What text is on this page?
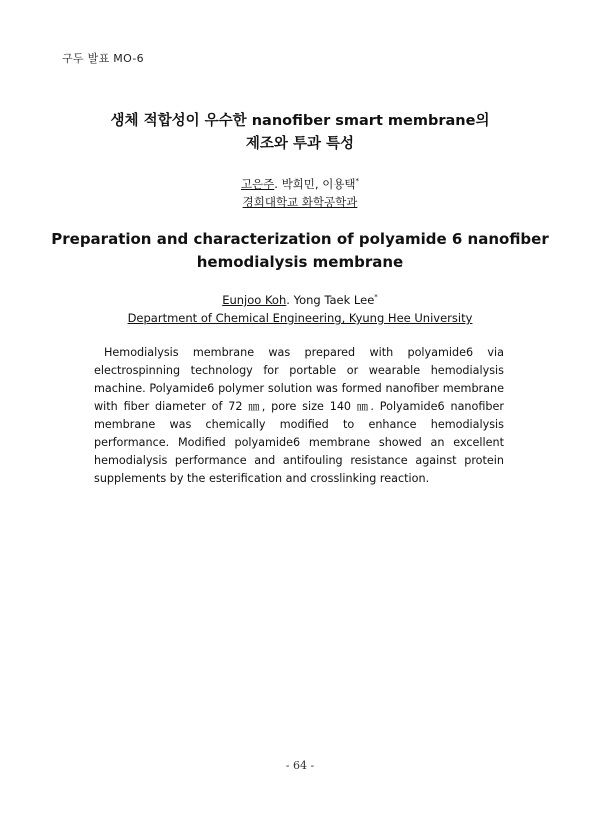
구두 발표 MO-6
생체 적합성이 우수한 nanofiber smart membrane의
제조와 투과 특성
고은주. 박희민, 이용택*
경희대학교 화학공학과
Preparation and characterization of polyamide 6 nanofiber
hemodialysis membrane
Eunjoo Koh. Yong Taek Lee*
Department of Chemical Engineering, Kyung Hee University
Hemodialysis membrane was prepared with polyamide6 via electrospinning technology for portable or wearable hemodialysis machine. Polyamide6 polymer solution was formed nanofiber membrane with fiber diameter of 72 ㎚, pore size 140 ㎚. Polyamide6 nanofiber membrane was chemically modified to enhance hemodialysis performance. Modified polyamide6 membrane showed an excellent hemodialysis performance and antifouling resistance against protein supplements by the esterification and crosslinking reaction.
- 64 -
